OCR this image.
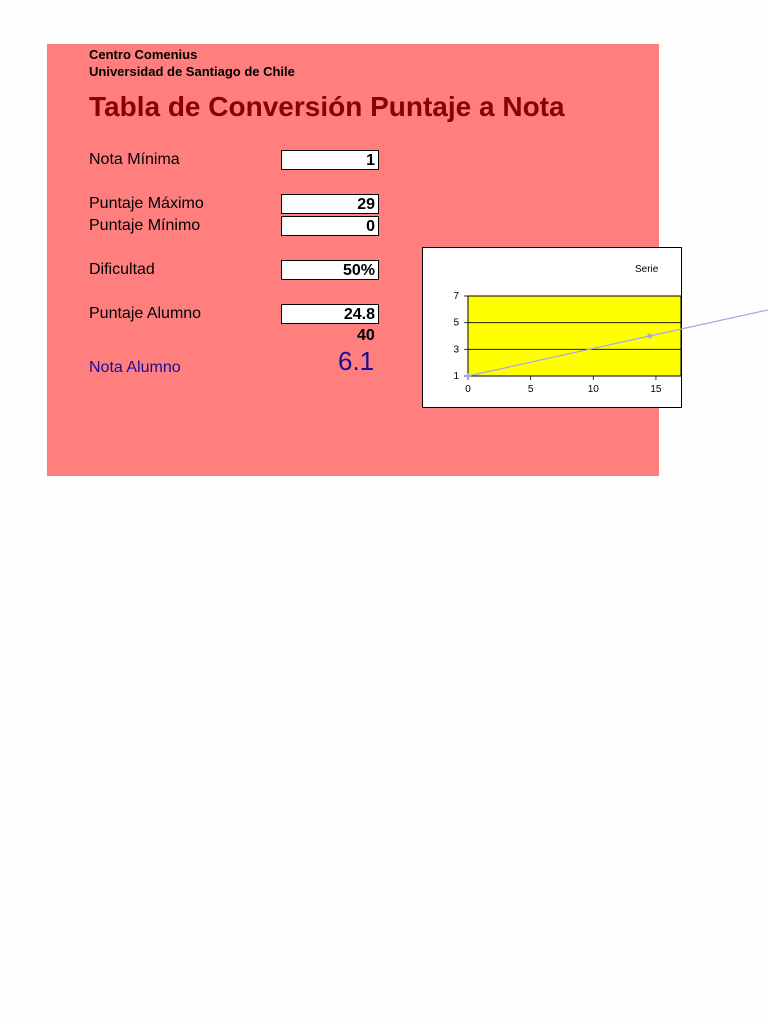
Centro Comenius
Universidad de Santiago de Chile
Tabla de Conversión Puntaje a Nota
Nota Mínima	1
Puntaje Máximo	29
Puntaje Mínimo	0
Dificultad	50%
Puntaje Alumno	24.8
40
Nota Alumno	6.1
Serie
1
3
5
7
0	5	10	15
